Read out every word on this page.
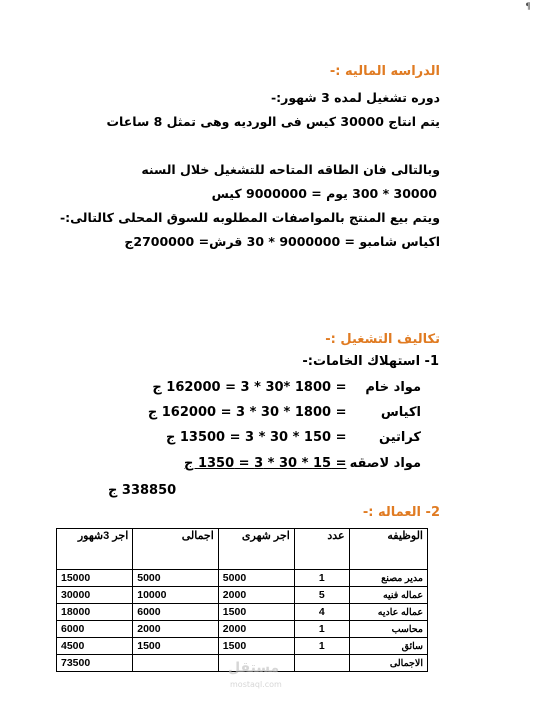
¶
الدراسه الماليه :-
دوره تشغيل لمده 3 شهور:-
يتم انتاج 30000 كيس فى الورديه وهى تمثل 8 ساعات
وبالتالى فان الطاقه المتاحه للتشغيل خلال السنه
30000 * 300 يوم = 9000000 كيس
ويتم بيع المنتج بالمواصفات المطلوبه للسوق المحلى كالتالى:-
اكياس شامبو = 9000000 * 30 قرش= 2700000ج
تكاليف التشغيل :-
1- استهلاك الخامات:-
مواد خام = 1800 *30 * 3 = 162000 ج
اكياس = 1800 * 30 * 3 = 162000 ج
كراتين = 150 * 30 * 3 = 13500 ج
مواد لاصقه = 15 * 30 * 3 = 1350 ج
338850 ج
2- العماله :-
الوظيفه	عدد	اجر شهرى	اجمالى	اجر 3شهور
مدير مصنع	1	5000	5000	15000
عماله فنيه	5	2000	10000	30000
عماله عاديه	4	1500	6000	18000
محاسب	1	2000	2000	6000
سائق	1	1500	1500	4500
الاجمالى				73500	مستقل
mostaql.com
